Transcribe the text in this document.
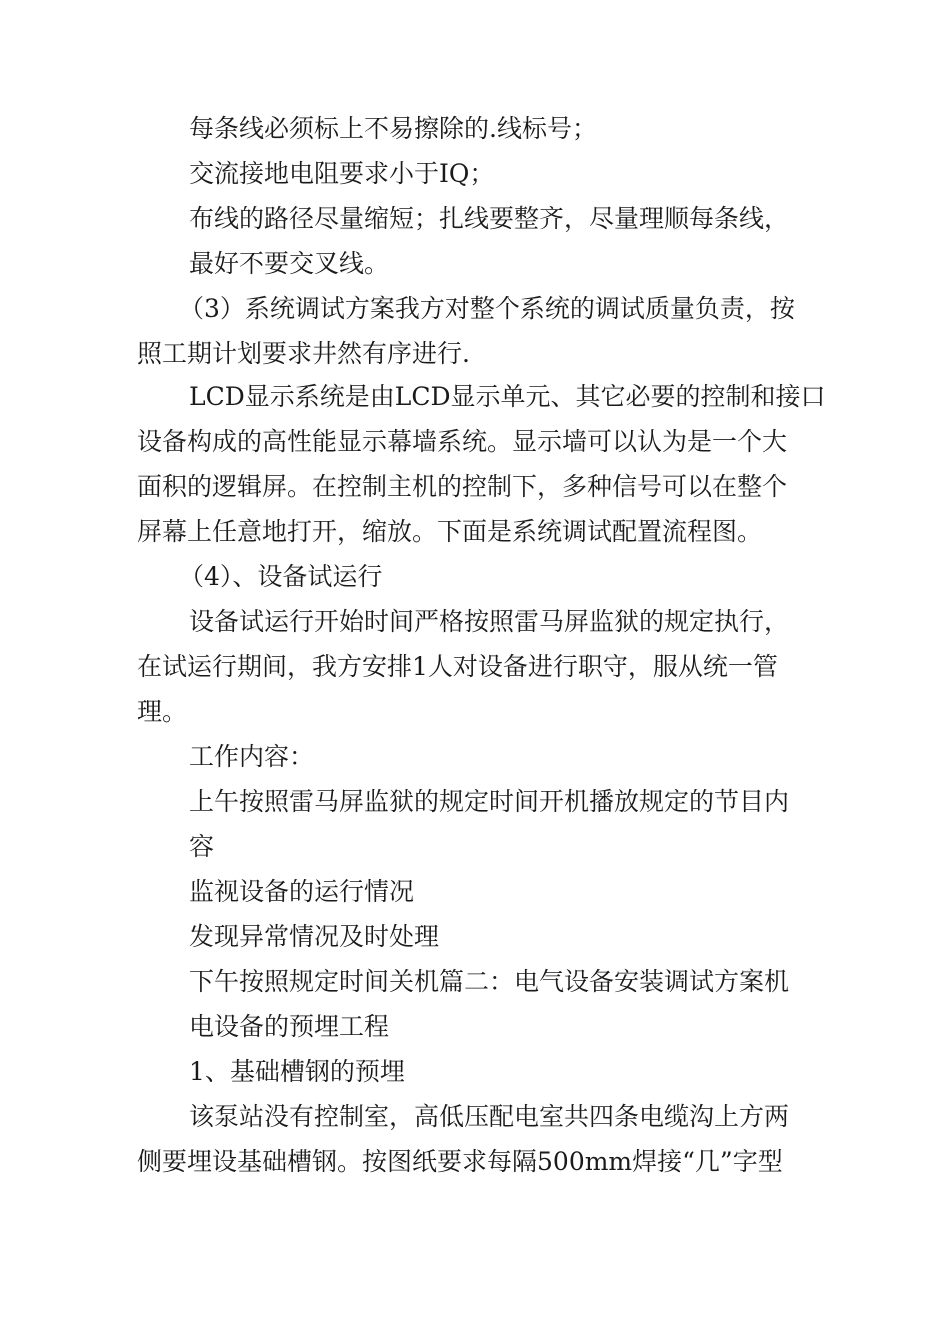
每条线必须标上不易擦除的.线标号；

交流接地电阻要求小于IQ；

布线的路径尽量缩短；扎线要整齐，尽量理顺每条线，

最好不要交叉线。

（3）系统调试方案我方对整个系统的调试质量负责，按

照工期计划要求井然有序进行.

LCD显示系统是由LCD显示单元、其它必要的控制和接口

设备构成的高性能显示幕墙系统。显示墙可以认为是一个大

面积的逻辑屏。在控制主机的控制下，多种信号可以在整个

屏幕上任意地打开，缩放。下面是系统调试配置流程图。

（4）、设备试运行

设备试运行开始时间严格按照雷马屏监狱的规定执行，

在试运行期间，我方安排1人对设备进行职守，服从统一管

理。

工作内容：

上午按照雷马屏监狱的规定时间开机播放规定的节目内

容

监视设备的运行情况

发现异常情况及时处理

下午按照规定时间关机篇二：电气设备安装调试方案机

电设备的预埋工程

1、基础槽钢的预埋

该泵站没有控制室，高低压配电室共四条电缆沟上方两

侧要埋设基础槽钢。按图纸要求每隔500mm焊接“几”字型
